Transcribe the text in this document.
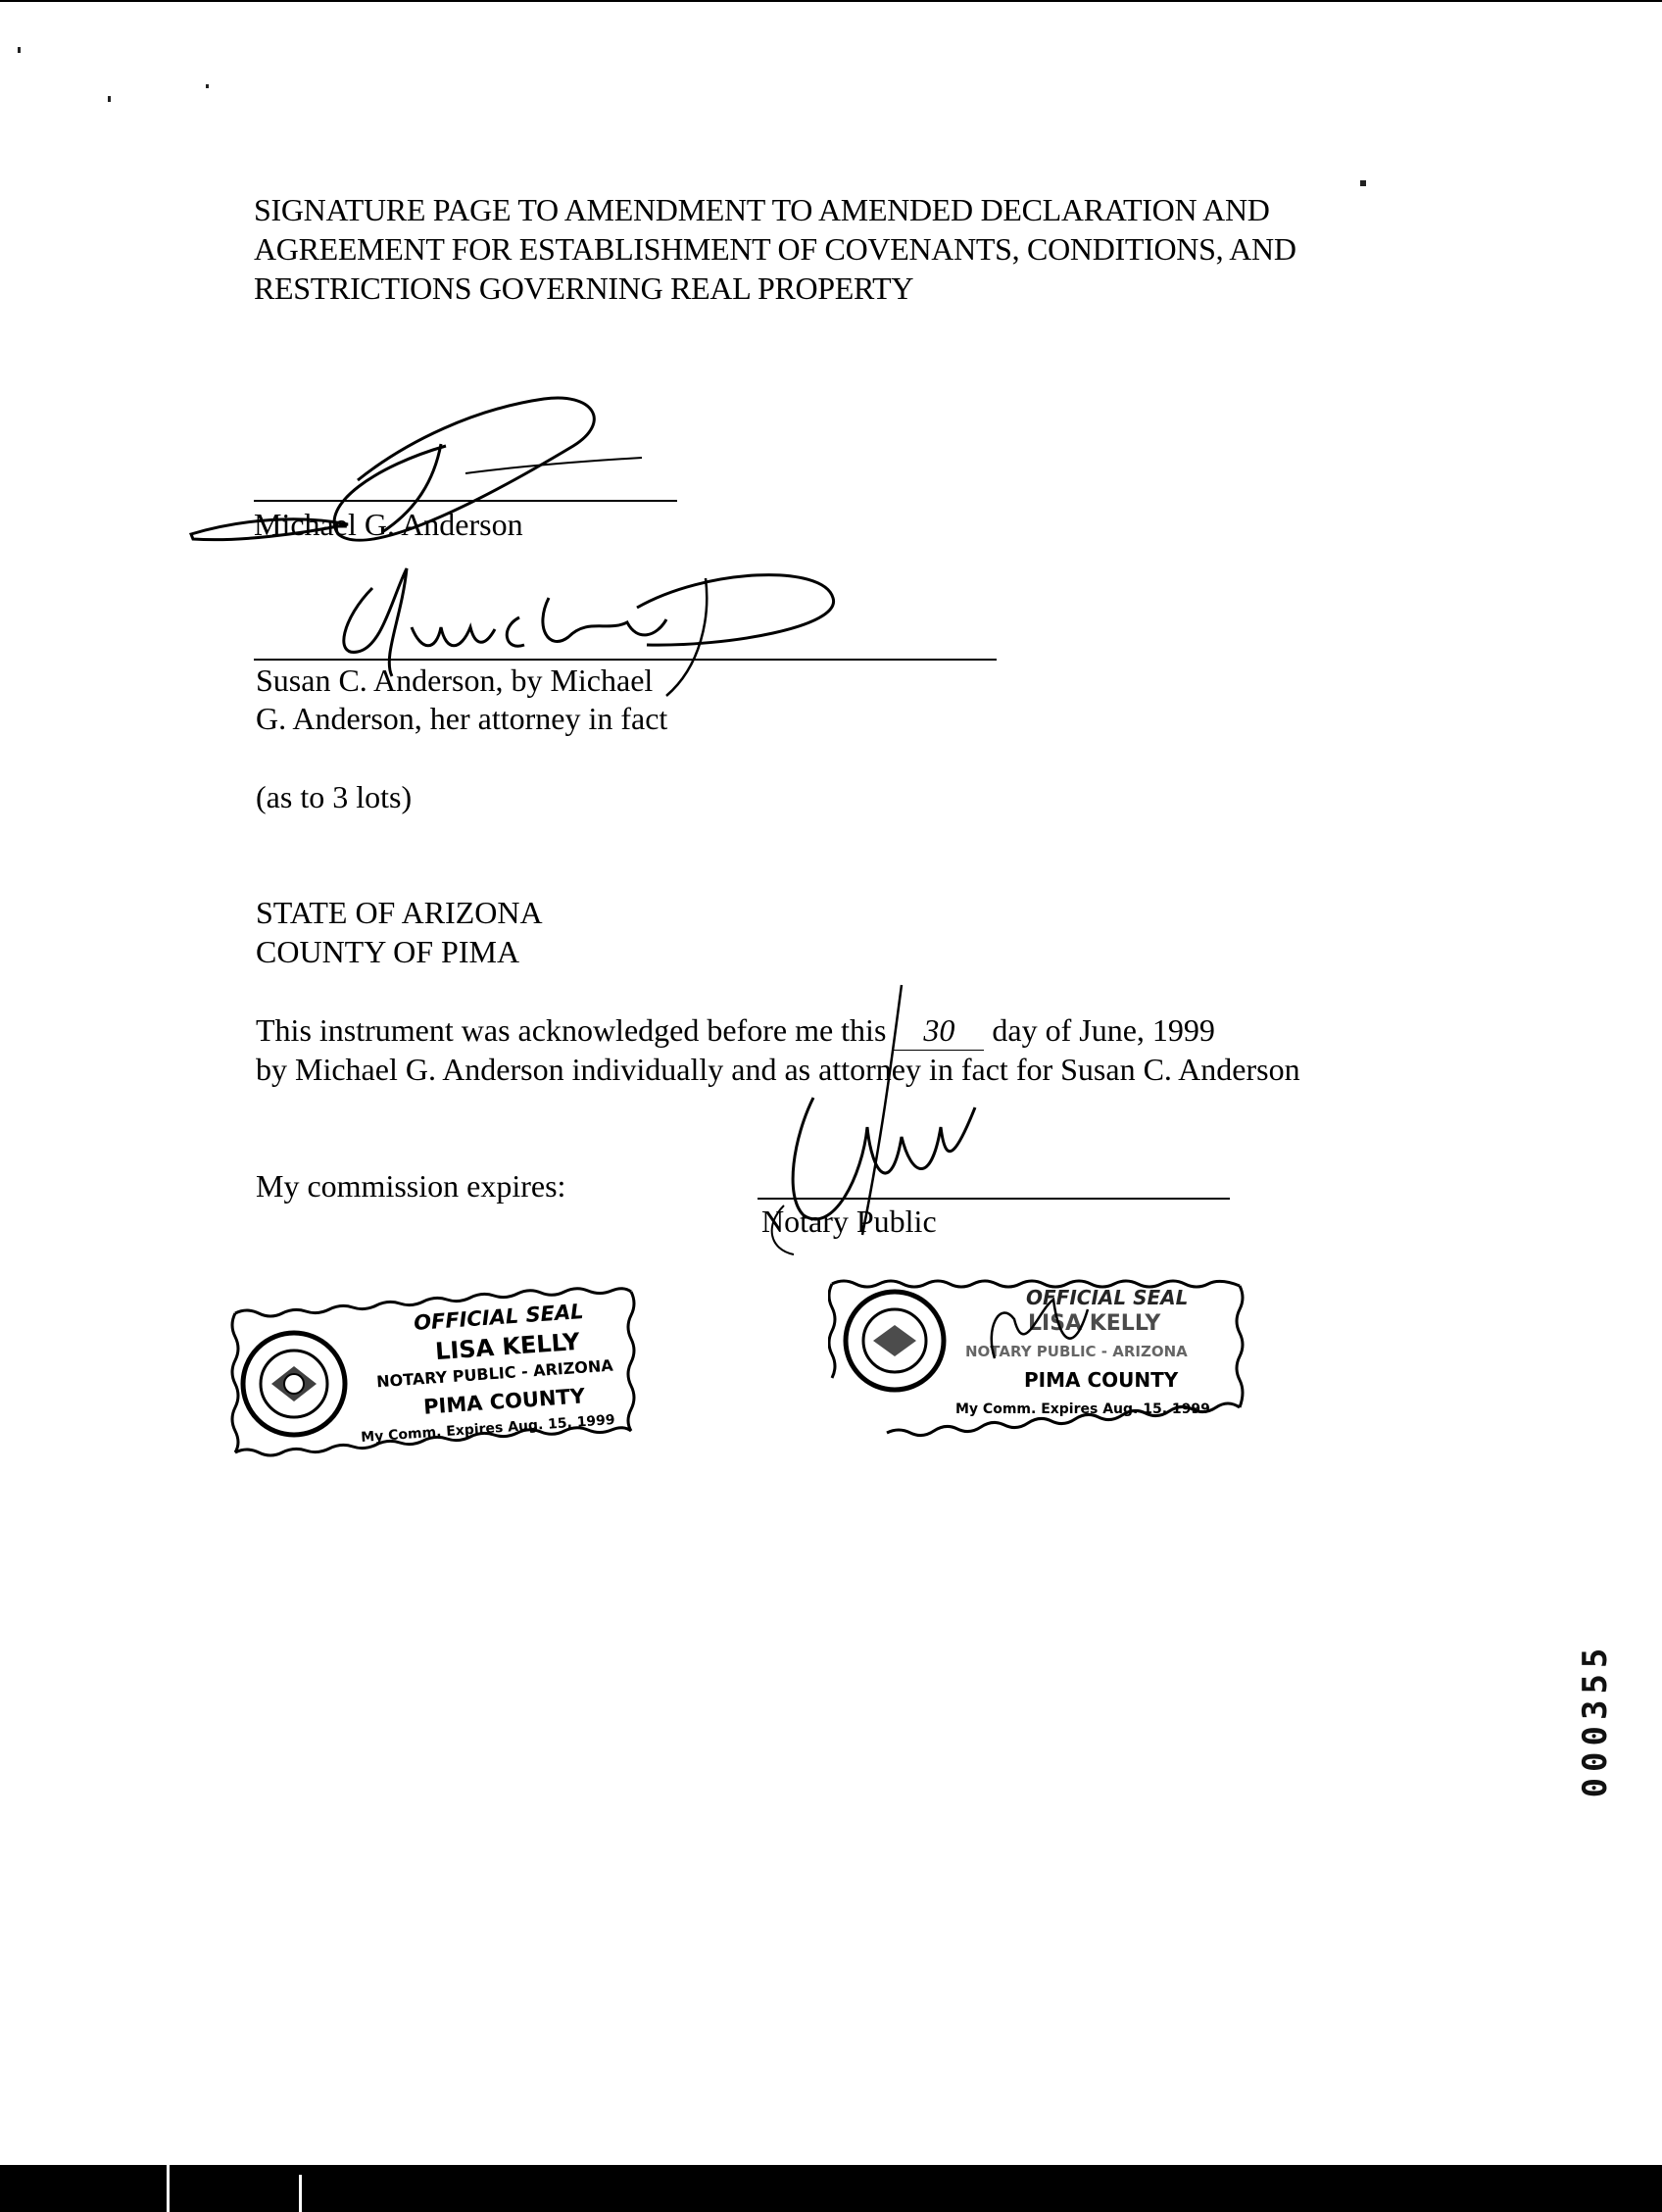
SIGNATURE PAGE TO AMENDMENT TO AMENDED DECLARATION AND
AGREEMENT FOR ESTABLISHMENT OF COVENANTS, CONDITIONS, AND
RESTRICTIONS GOVERNING REAL PROPERTY
Michael G. Anderson
Susan C. Anderson, by Michael
G. Anderson, her attorney in fact
(as to 3 lots)
STATE OF ARIZONA
COUNTY OF PIMA
This instrument was acknowledged before me this 30 day of June, 1999
by Michael G. Anderson individually and as attorney in fact for Susan C. Anderson
My commission expires:
Notary Public
OFFICIAL SEAL
LISA KELLY
NOTARY PUBLIC - ARIZONA
PIMA COUNTY
My Comm. Expires Aug. 15, 1999
OFFICIAL SEAL
LISA KELLY
NOTARY PUBLIC - ARIZONA
PIMA COUNTY
My Comm. Expires Aug. 15, 1999
000355
